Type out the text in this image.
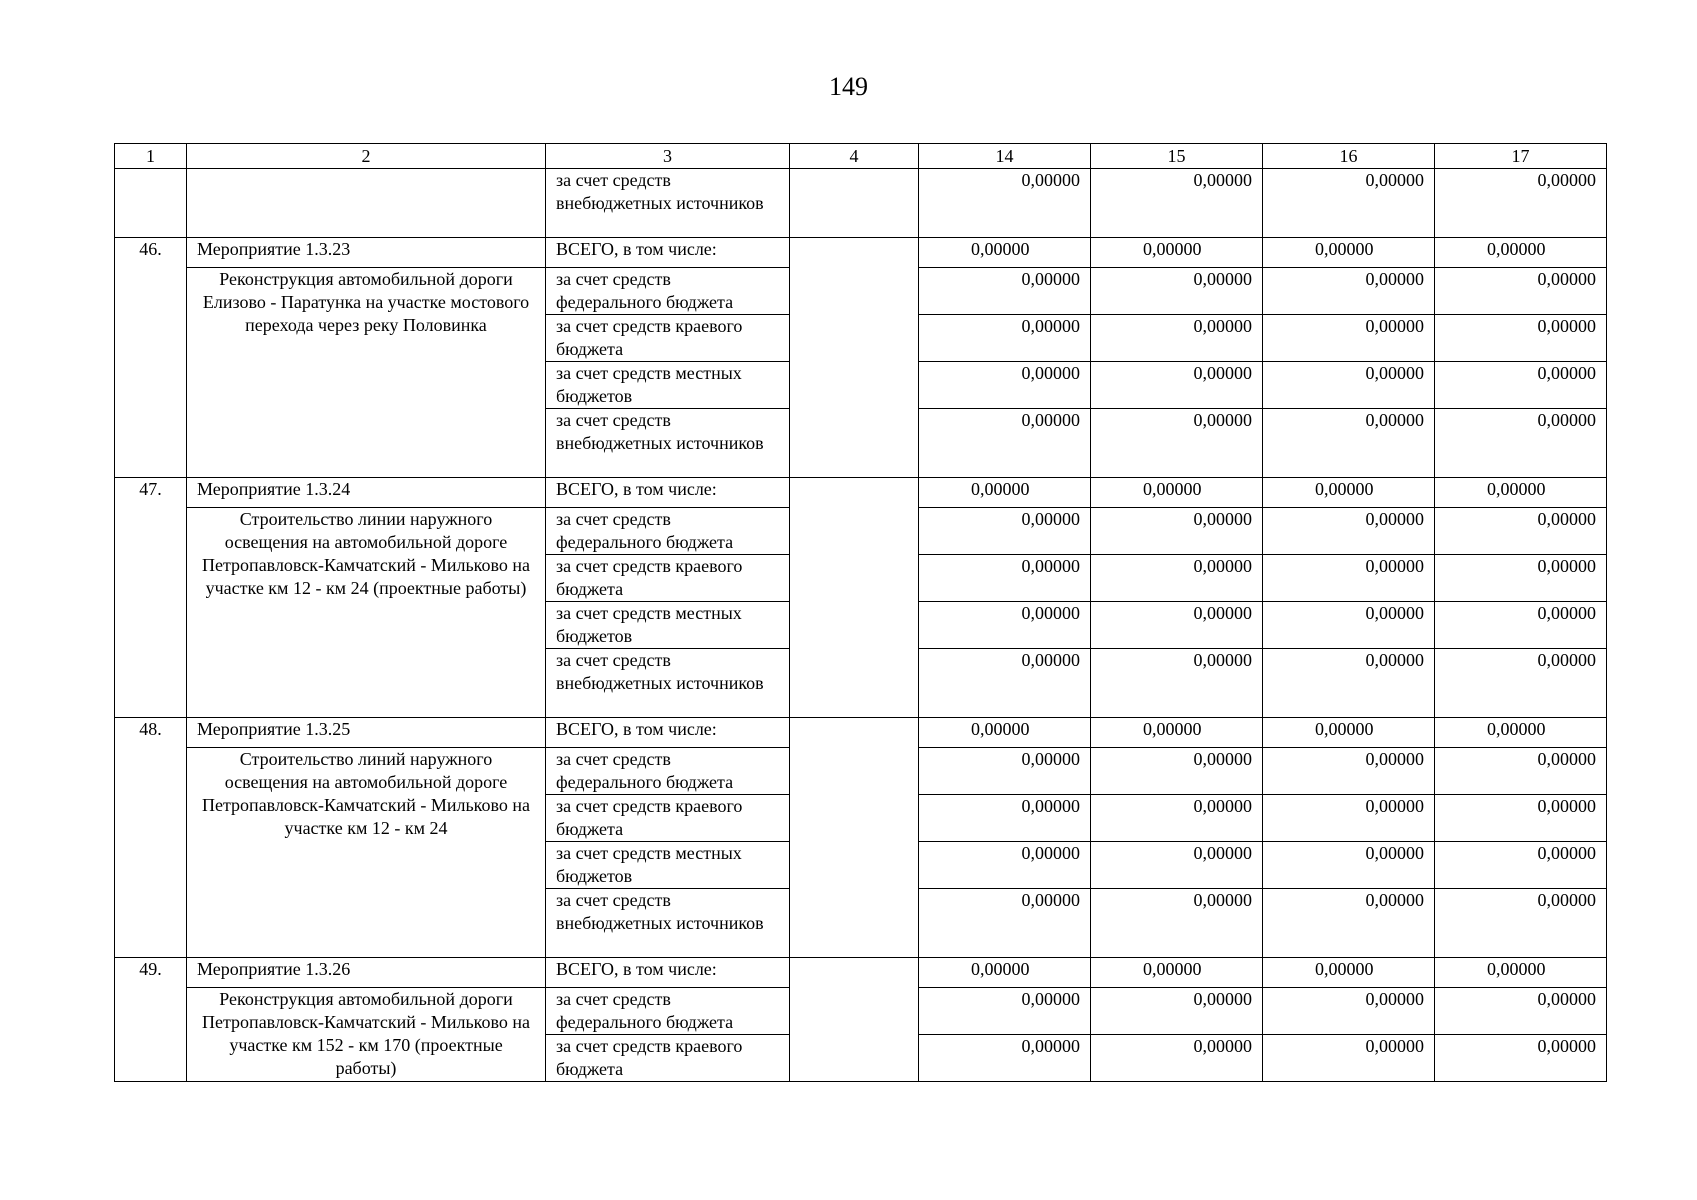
149
1	2	3	4	14	15	16	17
		за счет средств внебюджетных источников		0,00000	0,00000	0,00000	0,00000
46.	Мероприятие 1.3.23	ВСЕГО, в том числе:		0,00000	0,00000	0,00000	0,00000
	Реконструкция автомобильной дороги Елизово - Паратунка на участке мостового перехода через реку Половинка	за счет средств федерального бюджета		0,00000	0,00000	0,00000	0,00000
		за счет средств краевого бюджета		0,00000	0,00000	0,00000	0,00000
		за счет средств местных бюджетов		0,00000	0,00000	0,00000	0,00000
		за счет средств внебюджетных источников		0,00000	0,00000	0,00000	0,00000
47.	Мероприятие 1.3.24	ВСЕГО, в том числе:		0,00000	0,00000	0,00000	0,00000
	Строительство линии наружного освещения на автомобильной дороге Петропавловск-Камчатский - Мильково на участке км 12 - км 24 (проектные работы)	за счет средств федерального бюджета		0,00000	0,00000	0,00000	0,00000
		за счет средств краевого бюджета		0,00000	0,00000	0,00000	0,00000
		за счет средств местных бюджетов		0,00000	0,00000	0,00000	0,00000
		за счет средств внебюджетных источников		0,00000	0,00000	0,00000	0,00000
48.	Мероприятие 1.3.25	ВСЕГО, в том числе:		0,00000	0,00000	0,00000	0,00000
	Строительство линий наружного освещения на автомобильной дороге Петропавловск-Камчатский - Мильково на участке км 12 - км 24	за счет средств федерального бюджета		0,00000	0,00000	0,00000	0,00000
		за счет средств краевого бюджета		0,00000	0,00000	0,00000	0,00000
		за счет средств местных бюджетов		0,00000	0,00000	0,00000	0,00000
		за счет средств внебюджетных источников		0,00000	0,00000	0,00000	0,00000
49.	Мероприятие 1.3.26	ВСЕГО, в том числе:		0,00000	0,00000	0,00000	0,00000
	Реконструкция автомобильной дороги Петропавловск-Камчатский - Мильково на участке км 152 - км 170 (проектные работы)	за счет средств федерального бюджета		0,00000	0,00000	0,00000	0,00000
		за счет средств краевого бюджета		0,00000	0,00000	0,00000	0,00000
